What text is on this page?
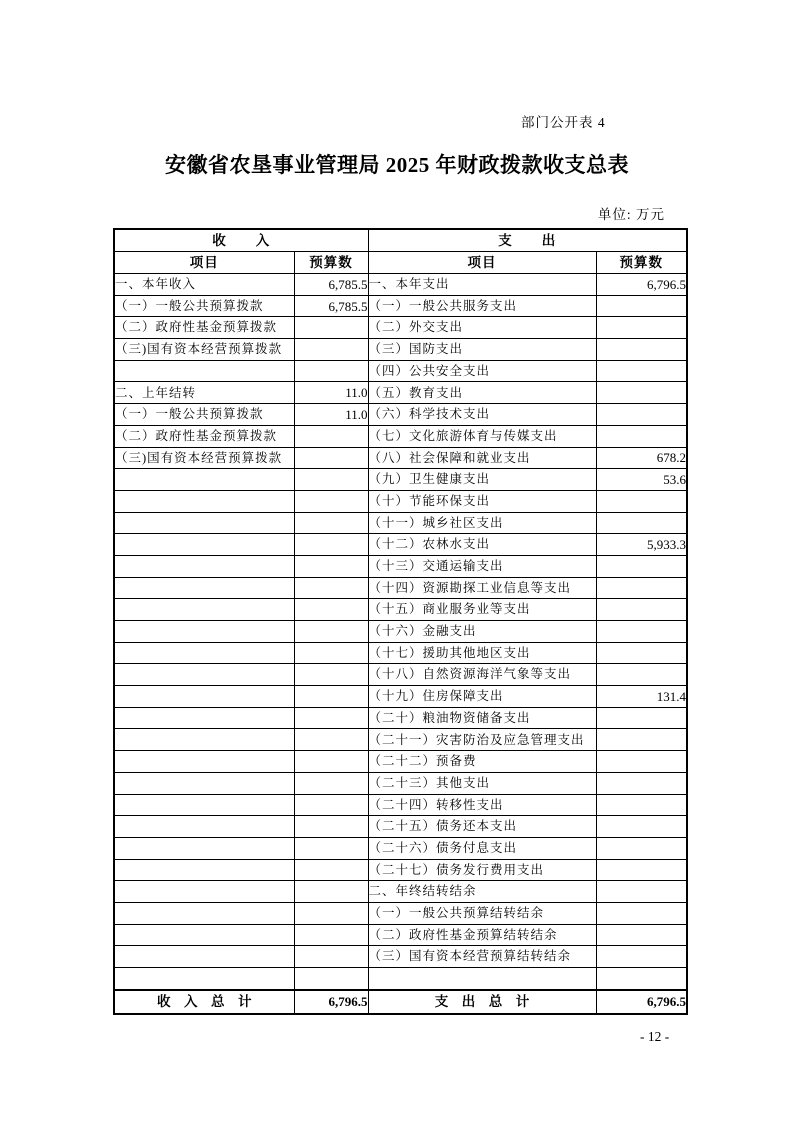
部门公开表 4
安徽省农垦事业管理局 2025 年财政拨款收支总表
单位: 万元
收　　入		支　　出	
项目	预算数	项目	预算数
一、本年收入	6,785.5	一、本年支出	6,796.5
（一）一般公共预算拨款	6,785.5	（一）一般公共服务支出	
（二）政府性基金预算拨款		（二）外交支出	
（三)国有资本经营预算拨款		（三）国防支出	
		（四）公共安全支出	
二、上年结转	11.0	（五）教育支出	
（一）一般公共预算拨款	11.0	（六）科学技术支出	
（二）政府性基金预算拨款		（七）文化旅游体育与传媒支出	
（三)国有资本经营预算拨款		（八）社会保障和就业支出	678.2
		（九）卫生健康支出	53.6
		（十）节能环保支出	
		（十一）城乡社区支出	
		（十二）农林水支出	5,933.3
		（十三）交通运输支出	
		（十四）资源勘探工业信息等支出	
		（十五）商业服务业等支出	
		（十六）金融支出	
		（十七）援助其他地区支出	
		（十八）自然资源海洋气象等支出	
		（十九）住房保障支出	131.4
		（二十）粮油物资储备支出	
		（二十一）灾害防治及应急管理支出	
		（二十二）预备费	
		（二十三）其他支出	
		（二十四）转移性支出	
		（二十五）债务还本支出	
		（二十六）债务付息支出	
		（二十七）债务发行费用支出	
		二、年终结转结余	
		（一）一般公共预算结转结余	
		（二）政府性基金预算结转结余	
		（三）国有资本经营预算结转结余	

收　入　总　计	6,796.5	支　出　总　计	6,796.5
- 12 -
